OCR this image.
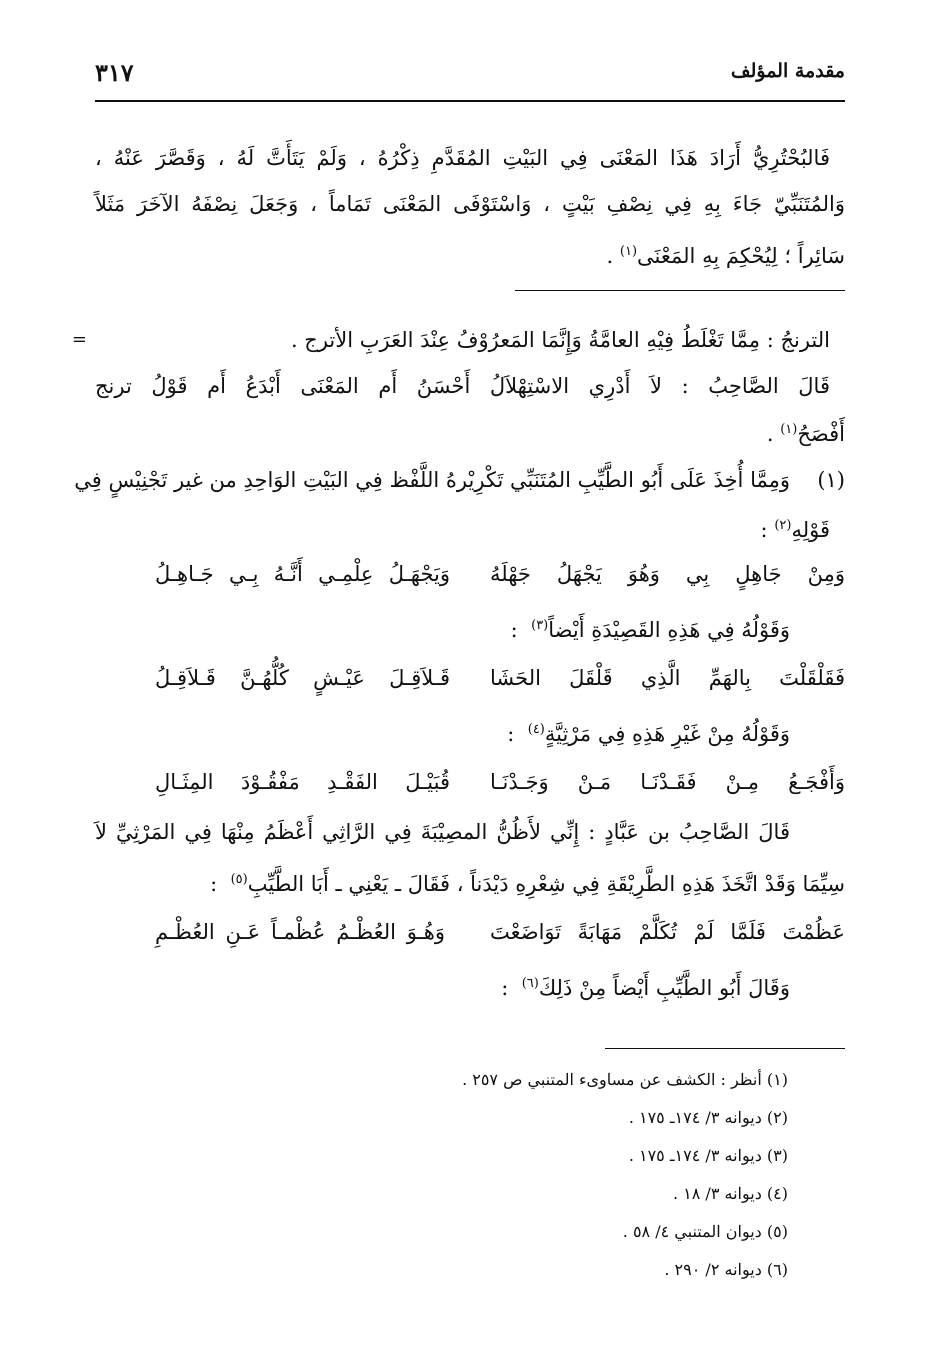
مقدمة المؤلف
٣١٧
فَالبُحْتُرِيُّ أَرَادَ هَذَا المَعْنَى فِي البَيْتِ المُقَدَّمِ ذِكْرُهُ ، وَلَمْ يَتَأَتَّ لَهُ ، وَقَصَّرَ عَنْهُ ،
وَالمُتَنَبِّيّ جَاءَ بِهِ فِي نِصْفِ بَيْتٍ ، وَاسْتَوْفَى المَعْنَى تَمَاماً ، وَجَعَلَ نِصْفَهُ الآخَرَ مَثَلاً
سَائِراً ؛ لِيُحْكِمَ بِهِ المَعْنَى$^{(١)}$ .
=	الترنجُ : مِمَّا تَغْلَطُ فِيْهِ العامَّةُ وَإِنَّمَا المَعرُوْفُ عِنْدَ العَرَبِ الأترج .
قَالَ الصَّاحِبُ : لاَ أَدْرِي الاسْتِهْلاَلُ أَحْسَنُ أَم المَعْنَى أَبْدَعُ أَم قَوْلُ ترنج
أَفْصَحُ$^{(١)}$ .
(١)
وَمِمَّا أُخِذَ عَلَى أَبُو الطَّيِّبِ المُتَنَبِّي تَكْرِيْرهُ اللَّفْظ فِي البَيْتِ الوَاحِدِ من غير تَجْنِيْسٍ فِي
قَوْلِهِ$^{(٢)}$ :
وَمِنْ جَاهِلٍ بِي وَهُوَ يَجْهَلُ جَهْلَهُ
وَيَجْهَـلُ عِلْمِـي أَنَّـهُ بِـي جَـاهِـلُ
وَقَوْلُهُ فِي هَذِهِ القَصِيْدَةِ أَيْضاً$^{(٣)}$  :
فَقَلْقَلْتَ بِالهَمِّ الَّذِي قَلْقَلَ الحَشَا
قَـلاَقِـلَ عَيْـشٍ كُلُّهُـنَّ قَـلاَقِـلُ
وَقَوْلُهُ مِنْ غَيْرِ هَذِهِ فِي مَرْثِيَّةٍ$^{(٤)}$  :
وَأَفْجَـعُ مِـنْ فَقَـدْنَـا مَـنْ وَجَـدْنَـا
قُبَيْـلَ الفَقْـدِ مَفْقُـوْدَ المِثَـالِ
قَالَ الصَّاحِبُ بن عَبَّادٍ : إِنِّي لأَظُنُّ المصِيْبَةَ فِي الرَّاثِي أَعْظَمُ مِنْهَا فِي المَرْثِيِّ لاَ
سِيِّمَا وَقَدْ اتَّخَذَ هَذِهِ الطَّرِيْقَةِ فِي شِعْرِهِ دَيْدَناً ، فَقَالَ ـ يَعْنِي ـ أَبَا الطَّيِّبِ$^{(٥)}$  :
عَظُمْتَ فَلَمَّا لَمْ تُكَلَّمْ مَهَابَةً تَوَاضَعْتَ
وَهُـوَ العُظْـمُ عُظْمـاً عَـنِ العُظْـمِ
وَقَالَ أَبُو الطَّيِّبِ أَيْضاً مِنْ ذَلِكَ$^{(٦)}$  :
(١) أنظر : الكشف عن مساوىء المتنبي ص ٢٥٧ .
(٢) ديوانه ٣/ ١٧٤ـ ١٧٥ .
(٣) ديوانه ٣/ ١٧٤ـ ١٧٥ .
(٤) ديوانه ٣/ ١٨ .
(٥) ديوان المتنبي ٤/ ٥٨ .
(٦) ديوانه ٢/ ٢٩٠ .
